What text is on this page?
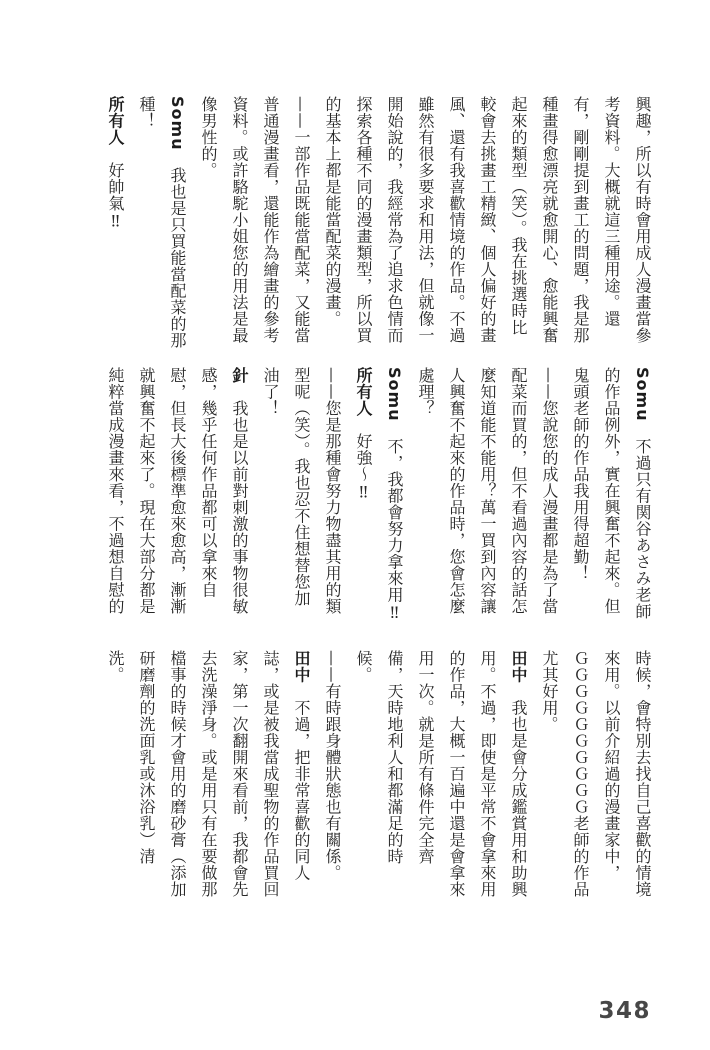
興趣，所以有時會用成人漫畫當參
考資料。大概就這三種用途。還
有，剛剛提到畫工的問題，我是那
種畫得愈漂亮就愈開心、愈能興奮
起來的類型（笑）。我在挑選時比
較會去挑畫工精緻、個人偏好的畫
風、還有我喜歡情境的作品。不過
雖然有很多要求和用法，但就像一
開始說的，我經常為了追求色情而
探索各種不同的漫畫類型，所以買
的基本上都是能當配菜的漫畫。
——一部作品既能當配菜，又能當
普通漫畫看，還能作為繪畫的參考
資料。或許駱駝小姐您的用法是最
像男性的。
Somu　我也是只買能當配菜的那
種！
所有人　好帥氣‼
Somu　不過只有関谷あさみ老師
的作品例外，實在興奮不起來。但
鬼頭老師的作品我用得超勤！
——您說您的成人漫畫都是為了當
配菜而買的，但不看過內容的話怎
麼知道能不能用？萬一買到內容讓
人興奮不起來的作品時，您會怎麼
處理？
Somu　不，我都會努力拿來用‼
所有人　好強～‼
——您是那種會努力物盡其用的類
型呢（笑）。我也忍不住想替您加
油了！
針　我也是以前對刺激的事物很敏
感，幾乎任何作品都可以拿來自
慰，但長大後標準愈來愈高，漸漸
就興奮不起來了。現在大部分都是
純粹當成漫畫來看，不過想自慰的
時候，會特別去找自己喜歡的情境
來用。以前介紹過的漫畫家中，
ＧＧＧＧＧＧＧＧＧＧ老師的作品
尤其好用。
田中　我也是會分成鑑賞用和助興
用。不過，即使是平常不會拿來用
的作品，大概一百遍中還是會拿來
用一次。就是所有條件完全齊
備，天時地利人和都滿足的時
候。
——有時跟身體狀態也有關係。
田中　不過，把非常喜歡的同人
誌，或是被我當成聖物的作品買回
家，第一次翻開來看前，我都會先
去洗澡淨身。或是用只有在要做那
檔事的時候才會用的磨砂膏（添加
研磨劑的洗面乳或沐浴乳）清
洗。
348
